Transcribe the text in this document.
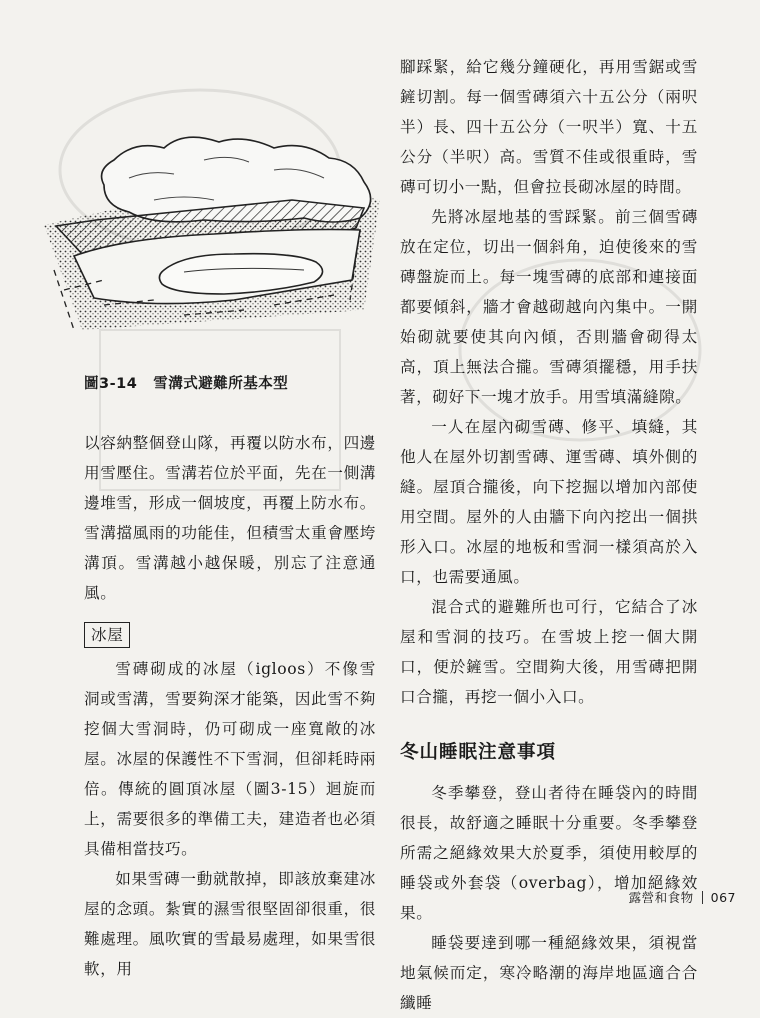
圖3-14 雪溝式避難所基本型

以容納整個登山隊，再覆以防水布，四邊用雪壓住。雪溝若位於平面，先在一側溝邊堆雪，形成一個坡度，再覆上防水布。雪溝擋風雨的功能佳，但積雪太重會壓垮溝頂。雪溝越小越保暖，別忘了注意通風。

冰屋

雪磚砌成的冰屋（igloos）不像雪洞或雪溝，雪要夠深才能築，因此雪不夠挖個大雪洞時，仍可砌成一座寬敞的冰屋。冰屋的保護性不下雪洞，但卻耗時兩倍。傳統的圓頂冰屋（圖3-15）迴旋而上，需要很多的準備工夫，建造者也必須具備相當技巧。

如果雪磚一動就散掉，即該放棄建冰屋的念頭。紮實的濕雪很堅固卻很重，很難處理。風吹實的雪最易處理，如果雪很軟，用

腳踩緊，給它幾分鐘硬化，再用雪鋸或雪鏟切割。每一個雪磚須六十五公分（兩呎半）長、四十五公分（一呎半）寬、十五公分（半呎）高。雪質不佳或很重時，雪磚可切小一點，但會拉長砌冰屋的時間。

先將冰屋地基的雪踩緊。前三個雪磚放在定位，切出一個斜角，迫使後來的雪磚盤旋而上。每一塊雪磚的底部和連接面都要傾斜，牆才會越砌越向內集中。一開始砌就要使其向內傾，否則牆會砌得太高，頂上無法合攏。雪磚須擺穩，用手扶著，砌好下一塊才放手。用雪填滿縫隙。

一人在屋內砌雪磚、修平、填縫，其他人在屋外切割雪磚、運雪磚、填外側的縫。屋頂合攏後，向下挖掘以增加內部使用空間。屋外的人由牆下向內挖出一個拱形入口。冰屋的地板和雪洞一樣須高於入口，也需要通風。

混合式的避難所也可行，它結合了冰屋和雪洞的技巧。在雪坡上挖一個大開口，便於鏟雪。空間夠大後，用雪磚把開口合攏，再挖一個小入口。

冬山睡眠注意事項

冬季攀登，登山者待在睡袋內的時間很長，故舒適之睡眠十分重要。冬季攀登所需之絕緣效果大於夏季，須使用較厚的睡袋或外套袋（overbag），增加絕緣效果。

睡袋要達到哪一種絕緣效果，須視當地氣候而定，寒冷略潮的海岸地區適合合纖睡

露營和食物 067
